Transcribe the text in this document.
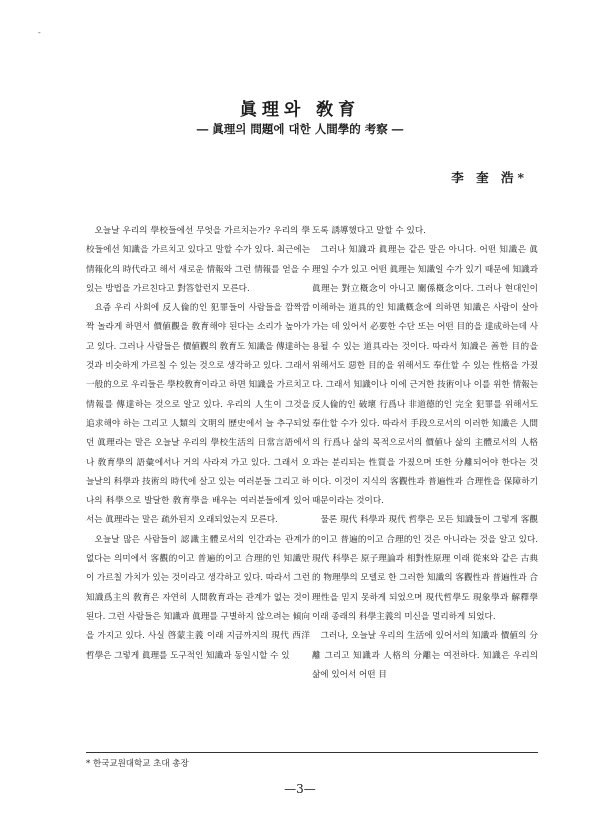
-
眞理와 敎育
― 眞理의 問題에 대한 人間學的 考察 ―
李 奎 浩*

오늘날 우리의 學校들에선 무엇을 가르치는가? 우리의 學校들에선 知識을 가르치고 있다고 말할 수가 있다. 최근에는 情報化의 時代라고 해서 새로운 情報와 그런 情報를 얻을 수 있는 방법을 가르친다고 對答할런지 모른다.

요즘 우리 사회에 反人倫的인 犯罪들이 사람들을 깜짝깜짝 놀라게 하면서 價値觀을 敎育해야 된다는 소리가 높아가고 있다. 그러나 사람들은 價値觀의 敎育도 知識을 傳達하는 것과 비슷하게 가르칠 수 있는 것으로 생각하고 있다. 그래서 一般的으로 우리들은 學校敎育이라고 하면 知識을 가르치고 情報를 傳達하는 것으로 알고 있다. 우리의 人生이 그것을 追求해야 하는 그리고 人類의 文明의 歷史에서 늘 추구되었던 眞理라는 말은 오늘날 우리의 學校生活의 日常言語에서나 敎育學의 語彙에서나 거의 사라져 가고 있다. 그래서 오늘날의 科學과 技術의 時代에 살고 있는 여러분들 그리고 하나의 科學으로 발달한 敎育學을 배우는 여러분들에게 있어서는 眞理라는 말은 疏外된지 오래되었는지 모른다.

오늘날 많은 사람들이 認識主體로서의 인간과는 관계가 없다는 의미에서 客觀的이고 普遍的이고 合理的인 知識만이 가르칠 가치가 있는 것이라고 생각하고 있다. 따라서 그런 知識爲主의 敎育은 자연히 人間敎育과는 관계가 없는 것이 된다. 그런 사람들은 知識과 眞理를 구별하지 않으려는 傾向을 가지고 있다. 사실 啓蒙主義 이래 지금까지의 現代 西洋哲學은 그렇게 眞理를 도구적인 知識과 동일시할 수 있

도록 誘導했다고 말할 수 있다.

그러나 知識과 眞理는 같은 말은 아니다. 어떤 知識은 眞理일 수가 있고 어떤 眞理는 知識일 수가 있기 때문에 知識과 眞理는 對立槪念이 아니고 關係槪念이다. 그러나 현대인이 이해하는 道具的인 知識槪念에 의하면 知識은 사람이 살아 가는 데 있어서 必要한 수단 또는 어떤 目的을 達成하는데 사용될 수 있는 道具라는 것이다. 따라서 知識은 善한 目的을 위해서도 惡한 目的을 위해서도 奉仕할 수 있는 性格을 가졌다. 그래서 知識이나 이에 근거한 技術이나 이를 위한 情報는 反人倫的인 破壞 行爲나 非道德的인 完全 犯罪를 위해서도 奉仕할 수가 있다. 따라서 手段으로서의 이러한 知識은 人間의 行爲나 삶의 목적으로서의 價値나 삶의 主體로서의 人格과는 분리되는 性質을 가졌으며 또한 分離되어야 한다는 것이다. 이것이 지식의 客觀性과 普遍性과 合理性을 保障하기 때문이라는 것이다.

물론 現代 科學과 現代 哲學은 모든 知識들이 그렇게 客觀的이고 普遍的이고 合理的인 것은 아니라는 것을 알고 있다. 現代 科學은 原子理論과 相對性原理 이래 從來와 같은 古典的 物理學의 모델로 한 그러한 知識의 客觀性과 普遍性과 合理性을 믿지 못하게 되었으며 現代哲學도 現象學과 解釋學이래 종래의 科學主義의 미신을 멀리하게 되었다.

그러나, 오늘날 우리의 生活에 있어서의 知識과 價値의 分離 그리고 知識과 人格의 分離는 여전하다. 知識은 우리의 삶에 있어서 어떤 目

* 한국교원대학교 초대 총장
—3—
